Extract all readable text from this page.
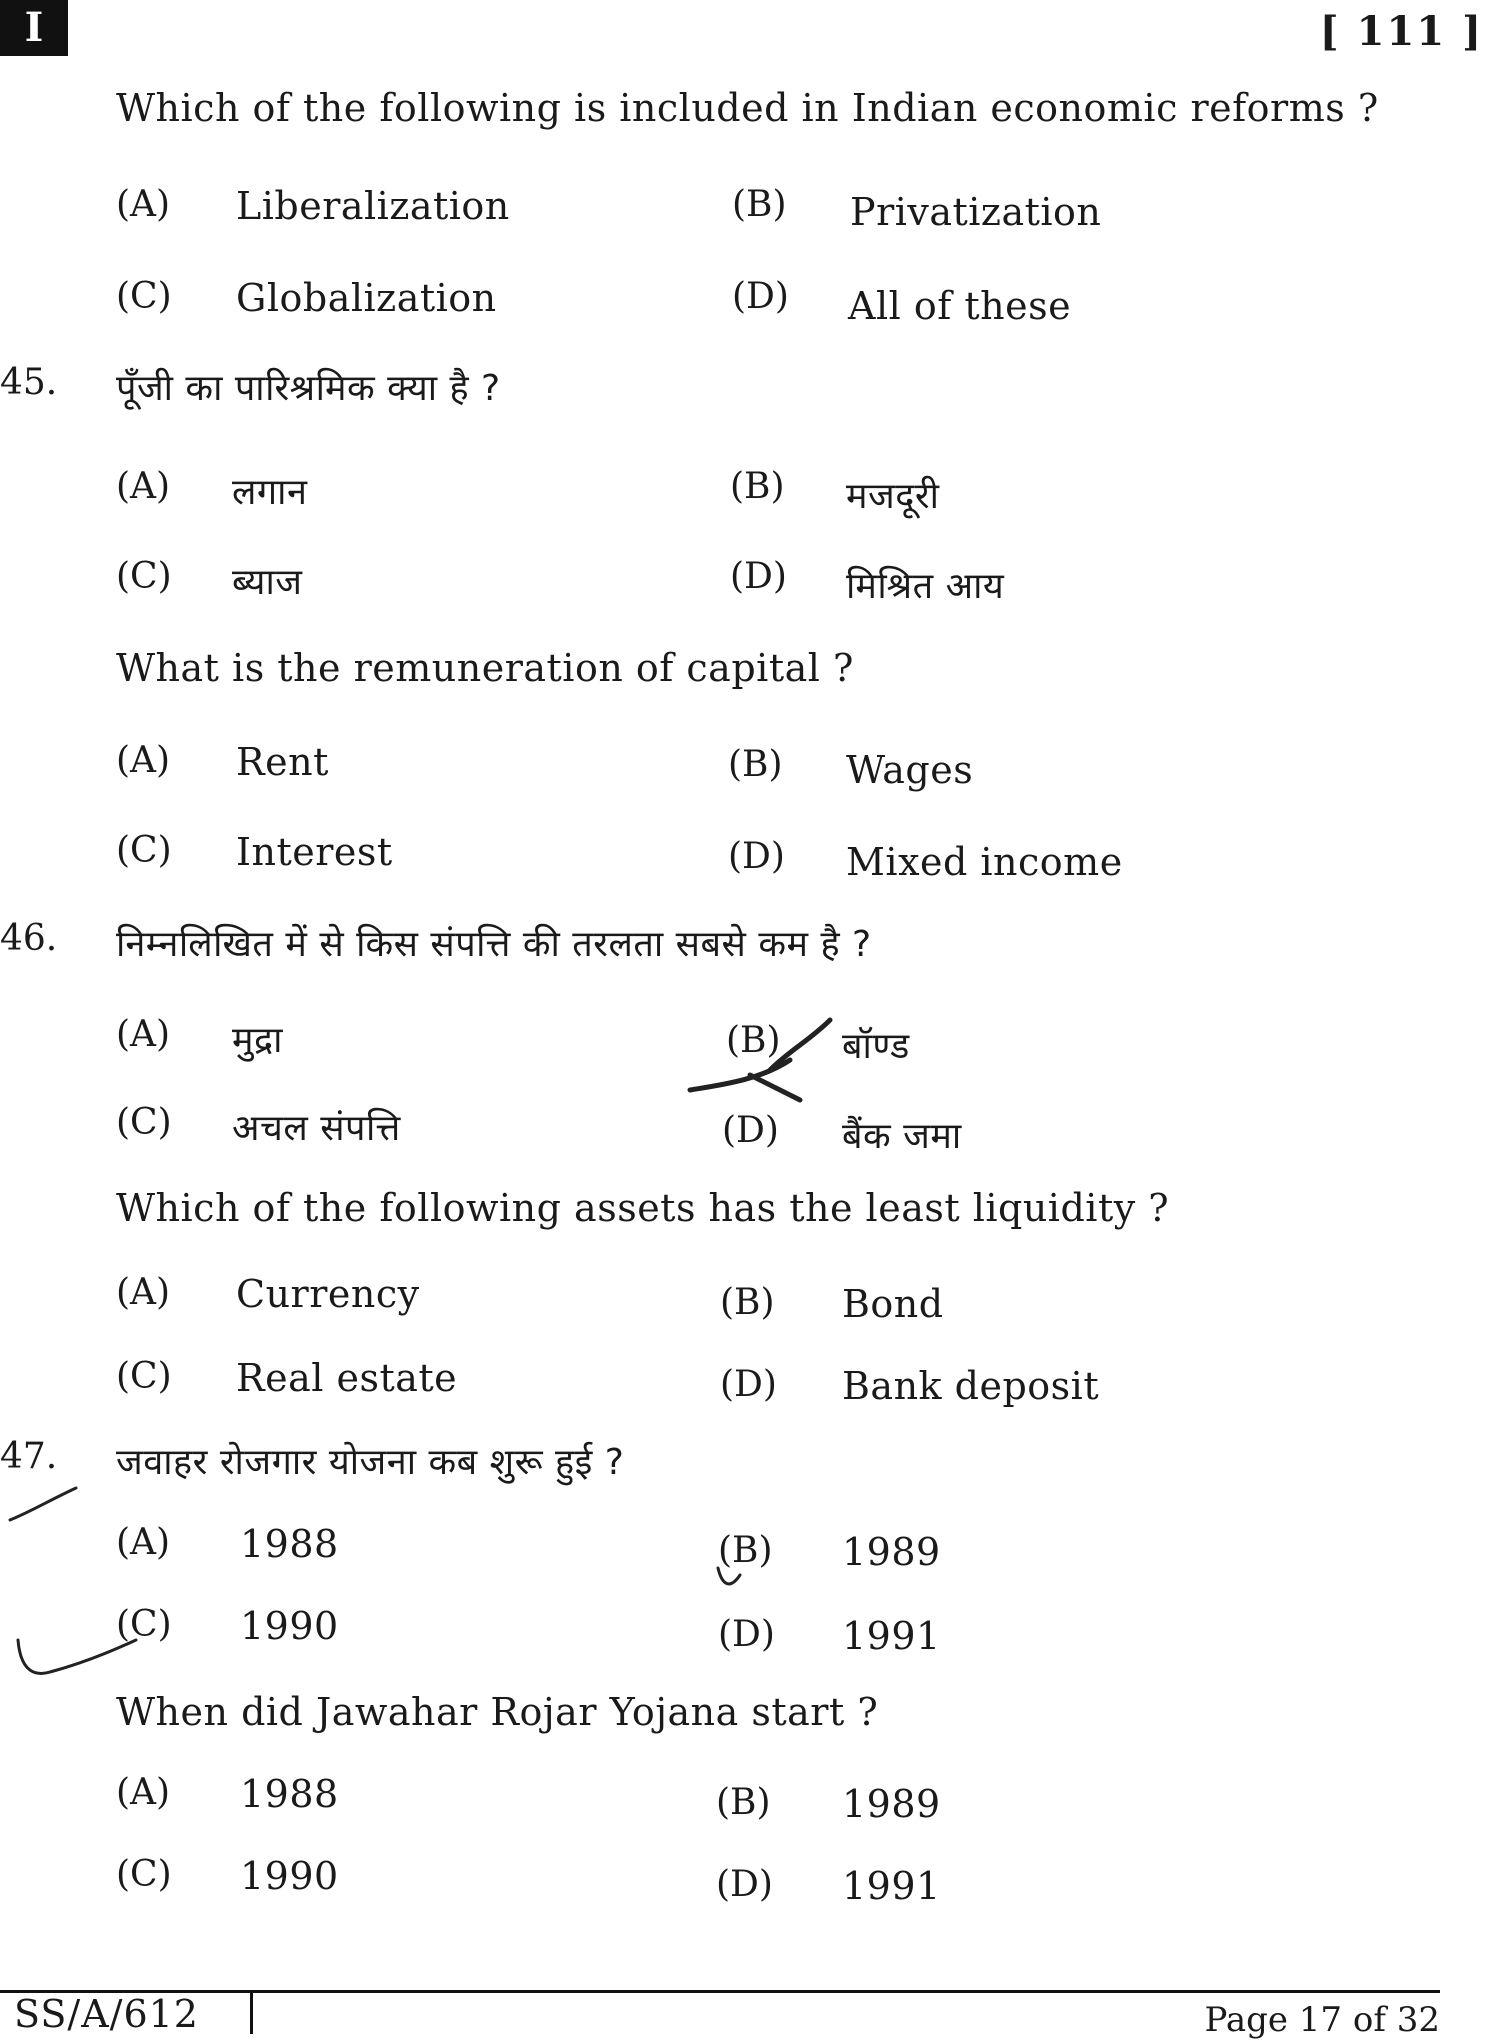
I	[ 111 ]
Which of the following is included in Indian economic reforms ?
(A) Liberalization	(B) Privatization
(C) Globalization	(D) All of these
45. पूँजी का पारिश्रमिक क्या है ?
(A) लगान	(B) मजदूरी
(C) ब्याज	(D) मिश्रित आय
What is the remuneration of capital ?
(A) Rent	(B) Wages
(C) Interest	(D) Mixed income
46. निम्नलिखित में से किस संपत्ति की तरलता सबसे कम है ?
(A) मुद्रा	(B) बॉण्ड
(C) अचल संपत्ति	(D) बैंक जमा
Which of the following assets has the least liquidity ?
(A) Currency	(B) Bond
(C) Real estate	(D) Bank deposit
47. जवाहर रोजगार योजना कब शुरू हुई ?
(A) 1988	(B) 1989
(C) 1990	(D) 1991
When did Jawahar Rojar Yojana start ?
(A) 1988	(B) 1989
(C) 1990	(D) 1991
SS/A/612	Page 17 of 32
